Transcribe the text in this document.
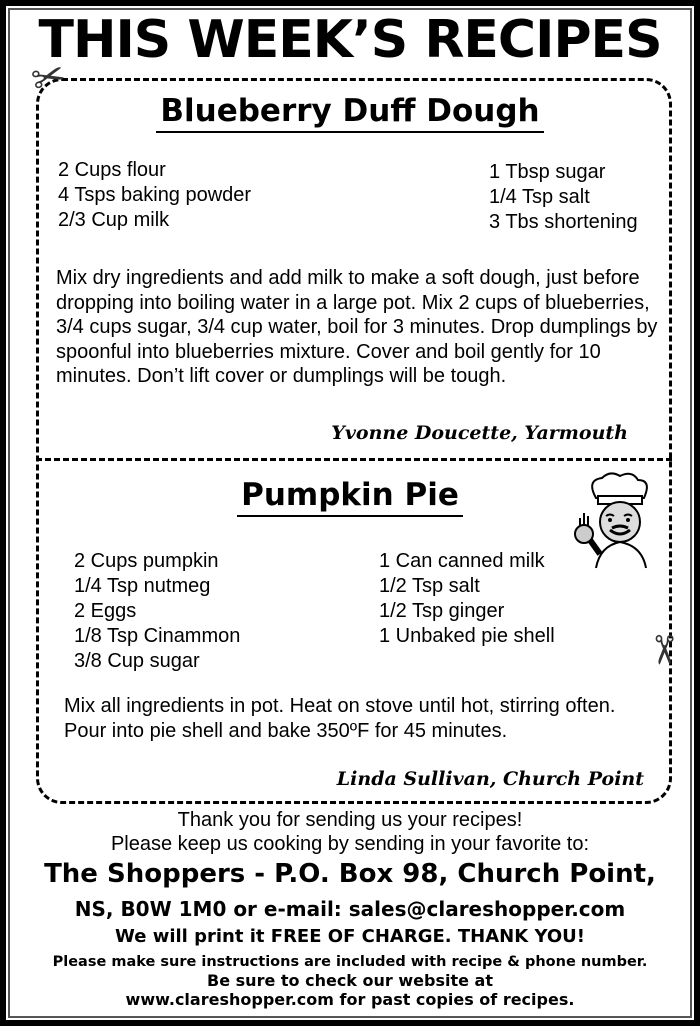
THIS WEEK’S RECIPES
✂
✂
Blueberry Duff Dough
2 Cups flour
4 Tsps baking powder
2/3 Cup milk
1 Tbsp sugar
1/4 Tsp salt
3 Tbs shortening
Mix dry ingredients and add milk to make a soft dough, just before dropping into boiling water in a large pot. Mix 2 cups of blueberries, 3/4 cups sugar, 3/4 cup water, boil for 3 minutes. Drop dumplings by spoonful into blueberries mixture. Cover and boil gently for 10 minutes. Don’t lift cover or dumplings will be tough.
Yvonne Doucette, Yarmouth
Pumpkin Pie
2 Cups pumpkin
1/4 Tsp nutmeg
2 Eggs
1/8 Tsp Cinammon
3/8 Cup sugar
1 Can canned milk
1/2 Tsp salt
1/2 Tsp ginger
1 Unbaked pie shell
Mix all ingredients in pot. Heat on stove until hot, stirring often. Pour into pie shell and bake 350ºF for 45 minutes.
Linda Sullivan, Church Point
Thank you for sending us your recipes!
Please keep us cooking by sending in your favorite to:
The Shoppers - P.O. Box 98, Church Point,
NS, B0W 1M0 or e-mail: sales@clareshopper.com
We will print it FREE OF CHARGE. THANK YOU!
Please make sure instructions are included with recipe & phone number.
Be sure to check our website at
www.clareshopper.com for past copies of recipes.
